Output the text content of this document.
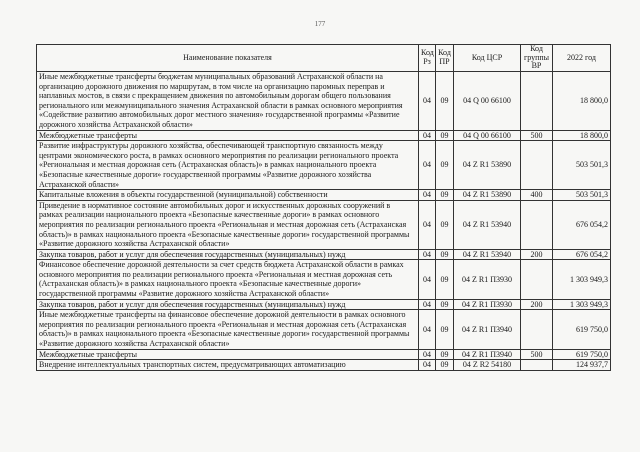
177
Наименование показателя	Код Рз	Код ПР	Код ЦСР	Код группы ВР	2022 год
Иные межбюджетные трансферты бюджетам муниципальных образований Астраханской области на организацию дорожного движения по маршрутам, в том числе на организацию паромных переправ и наплавных мостов, в связи с прекращением движения по автомобильным дорогам общего пользования регионального или межмуниципального значения Астраханской области в рамках основного мероприятия «Содействие развитию автомобильных дорог местного значения» государственной программы «Развитие дорожного хозяйства Астраханской области»	04	09	04 Q 00 66100		18 800,0
Межбюджетные трансферты	04	09	04 Q 00 66100	500	18 800,0
Развитие инфраструктуры дорожного хозяйства, обеспечивающей транспортную связанность между центрами экономического роста, в рамках основного мероприятия по реализации регионального проекта «Региональная и местная дорожная сеть (Астраханская область)» в рамках национального проекта «Безопасные качественные дороги» государственной программы «Развитие дорожного хозяйства Астраханской области»	04	09	04 Z R1 53890		503 501,3
Капитальные вложения в объекты государственной (муниципальной) собственности	04	09	04 Z R1 53890	400	503 501,3
Приведение в нормативное состояние автомобильных дорог и искусственных дорожных сооружений в рамках реализации национального проекта «Безопасные качественные дороги» в рамках основного мероприятия по реализации регионального проекта «Региональная и местная дорожная сеть (Астраханская область)» в рамках национального проекта «Безопасные качественные дороги» государственной программы «Развитие дорожного хозяйства Астраханской области»	04	09	04 Z R1 53940		676 054,2
Закупка товаров, работ и услуг для обеспечения государственных (муниципальных) нужд	04	09	04 Z R1 53940	200	676 054,2
Финансовое обеспечение дорожной деятельности за счет средств бюджета Астраханской области в рамках основного мероприятия по реализации регионального проекта «Региональная и местная дорожная сеть (Астраханская область)» в рамках национального проекта «Безопасные качественные дороги» государственной программы «Развитие дорожного хозяйства Астраханской области»	04	09	04 Z R1 П3930		1 303 949,3
Закупка товаров, работ и услуг для обеспечения государственных (муниципальных) нужд	04	09	04 Z R1 П3930	200	1 303 949,3
Иные межбюджетные трансферты на финансовое обеспечение дорожной деятельности в рамках основного мероприятия по реализации регионального проекта «Региональная и местная дорожная сеть (Астраханская область)» в рамках национального проекта «Безопасные качественные дороги» государственной программы «Развитие дорожного хозяйства Астраханской области»	04	09	04 Z R1 П3940		619 750,0
Межбюджетные трансферты	04	09	04 Z R1 П3940	500	619 750,0
Внедрение интеллектуальных транспортных систем, предусматривающих автоматизацию	04	09	04 Z R2 54180		124 937,7
